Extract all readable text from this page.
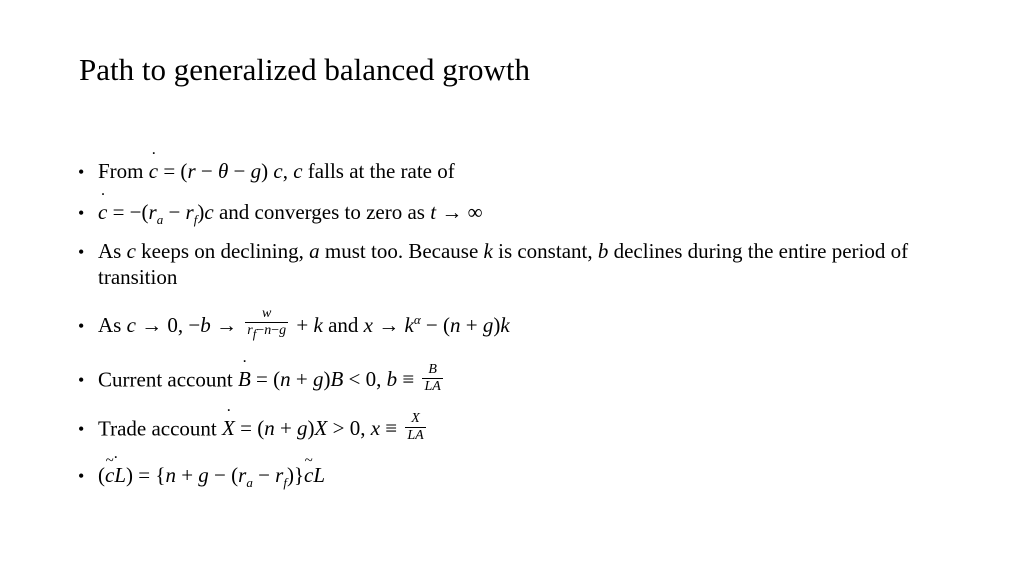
Path to generalized balanced growth
• From c ˙ = (r − θ − g) c, c falls at the rate of
• c ˙ = $-(r_a - r_f)c$ and converges to zero as t → ∞
• As c keeps on declining, a must too. Because k is constant, b declines during the entire period of transition
• As c → 0, $-b \to \frac{w}{r_f-n-g} + k$ and $x \to k^\alpha - (n + g)k$
• Current account B ˙ = (n + g)B < 0, $b \equiv \frac{B}{LA}$
• Trade account X ˙ = (n + g)X > 0, $x \equiv \frac{X}{LA}$
• (c ~L ˙) = $\{n + g - (r_a - r_f)\}c$ ~L
